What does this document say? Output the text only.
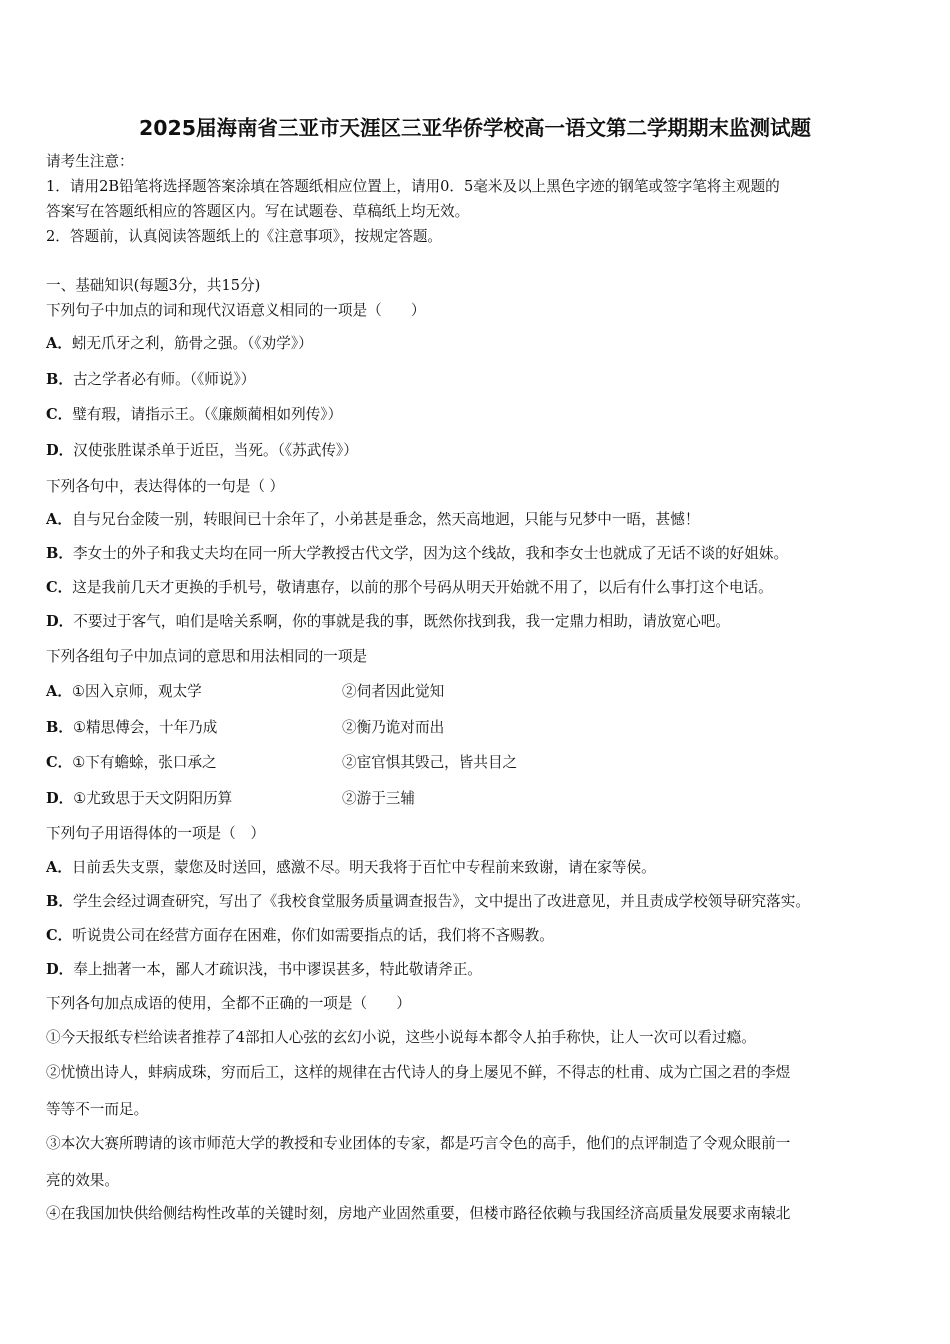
2025届海南省三亚市天涯区三亚华侨学校高一语文第二学期期末监测试题
请考生注意：
1．请用2B铅笔将选择题答案涂填在答题纸相应位置上，请用0．5毫米及以上黑色字迹的钢笔或签字笔将主观题的
答案写在答题纸相应的答题区内。写在试题卷、草稿纸上均无效。
2．答题前，认真阅读答题纸上的《注意事项》，按规定答题。
一、基础知识(每题3分，共15分)
下列句子中加点的词和现代汉语意义相同的一项是（　　）
A．蚓无爪牙之利，筋骨之强。（《劝学》）
B．古之学者必有师。（《师说》）
C．璧有瑕，请指示王。（《廉颇蔺相如列传》）
D．汉使张胜谋杀单于近臣，当死。（《苏武传》）
下列各句中，表达得体的一句是（ ）
A．自与兄台金陵一别，转眼间已十余年了，小弟甚是垂念，然天高地迥，只能与兄梦中一晤，甚憾！
B．李女士的外子和我丈夫均在同一所大学教授古代文学，因为这个线故，我和李女士也就成了无话不谈的好姐妹。
C．这是我前几天才更换的手机号，敬请惠存，以前的那个号码从明天开始就不用了，以后有什么事打这个电话。
D．不要过于客气，咱们是啥关系啊，你的事就是我的事，既然你找到我，我一定鼎力相助，请放宽心吧。
下列各组句子中加点词的意思和用法相同的一项是
A．①因入京师，观太学	②伺者因此觉知
B．①精思傅会，十年乃成	②衡乃诡对而出
C．①下有蟾蜍，张口承之	②宦官惧其毁己，皆共目之
D．①尤致思于天文阴阳历算	②游于三辅
下列句子用语得体的一项是（　）
A．日前丢失支票，蒙您及时送回，感激不尽。明天我将于百忙中专程前来致谢，请在家等侯。
B．学生会经过调查研究，写出了《我校食堂服务质量调查报告》，文中提出了改进意见，并且责成学校领导研究落实。
C．听说贵公司在经营方面存在困难，你们如需要指点的话，我们将不吝赐教。
D．奉上拙著一本，鄙人才疏识浅，书中谬误甚多，特此敬请斧正。
下列各句加点成语的使用，全都不正确的一项是（　　）
①今天报纸专栏给读者推荐了4部扣人心弦的玄幻小说，这些小说每本都令人拍手称快，让人一次可以看过瘾。
②忧愤出诗人，蚌病成珠，穷而后工，这样的规律在古代诗人的身上屡见不鲜，不得志的杜甫、成为亡国之君的李煜
等等不一而足。
③本次大赛所聘请的该市师范大学的教授和专业团体的专家，都是巧言令色的高手，他们的点评制造了令观众眼前一
亮的效果。
④在我国加快供给侧结构性改革的关键时刻，房地产业固然重要，但楼市路径依赖与我国经济高质量发展要求南辕北
